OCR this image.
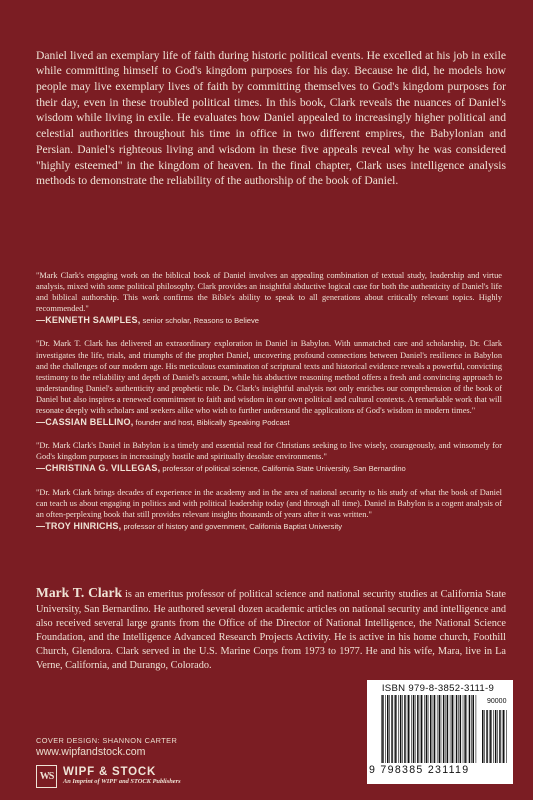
Daniel lived an exemplary life of faith during historic political events. He excelled at his job in exile while committing himself to God's kingdom purposes for his day. Because he did, he models how people may live exemplary lives of faith by committing themselves to God's kingdom purposes for their day, even in these troubled political times. In this book, Clark reveals the nuances of Daniel's wisdom while living in exile. He evaluates how Daniel appealed to increasingly higher political and celestial authorities throughout his time in office in two different empires, the Babylonian and Persian. Daniel's righteous living and wisdom in these five appeals reveal why he was considered "highly esteemed" in the kingdom of heaven. In the final chapter, Clark uses intelligence analysis methods to demonstrate the reliability of the authorship of the book of Daniel.

"Mark Clark's engaging work on the biblical book of Daniel involves an appealing combination of textual study, leadership and virtue analysis, mixed with some political philosophy. Clark provides an insightful abductive logical case for both the authenticity of Daniel's life and biblical authorship. This work confirms the Bible's ability to speak to all generations about critically relevant topics. Highly recommended."
—KENNETH SAMPLES, senior scholar, Reasons to Believe
"Dr. Mark T. Clark has delivered an extraordinary exploration in Daniel in Babylon. With unmatched care and scholarship, Dr. Clark investigates the life, trials, and triumphs of the prophet Daniel, uncovering profound connections between Daniel's resilience in Babylon and the challenges of our modern age. His meticulous examination of scriptural texts and historical evidence reveals a powerful, convicting testimony to the reliability and depth of Daniel's account, while his abductive reasoning method offers a fresh and convincing approach to understanding Daniel's authenticity and prophetic role. Dr. Clark's insightful analysis not only enriches our comprehension of the book of Daniel but also inspires a renewed commitment to faith and wisdom in our own political and cultural contexts. A remarkable work that will resonate deeply with scholars and seekers alike who wish to further understand the applications of God's wisdom in modern times."
—CASSIAN BELLINO, founder and host, Biblically Speaking Podcast
"Dr. Mark Clark's Daniel in Babylon is a timely and essential read for Christians seeking to live wisely, courageously, and winsomely for God's kingdom purposes in increasingly hostile and spiritually desolate environments."
—CHRISTINA G. VILLEGAS, professor of political science, California State University, San Bernardino
"Dr. Mark Clark brings decades of experience in the academy and in the area of national security to his study of what the book of Daniel can teach us about engaging in politics and with political leadership today (and through all time). Daniel in Babylon is a cogent analysis of an often-perplexing book that still provides relevant insights thousands of years after it was written."
—TROY HINRICHS, professor of history and government, California Baptist University

Mark T. Clark is an emeritus professor of political science and national security studies at California State University, San Bernardino. He authored several dozen academic articles on national security and intelligence and also received several large grants from the Office of the Director of National Intelligence, the National Science Foundation, and the Intelligence Advanced Research Projects Activity. He is active in his home church, Foothill Church, Glendora. Clark served in the U.S. Marine Corps from 1973 to 1977. He and his wife, Mara, live in La Verne, California, and Durango, Colorado.

COVER DESIGN: SHANNON CARTER
www.wipfandstock.com
WS WIPF & STOCK
An Imprint of WIPF and STOCK Publishers
ISBN 979-8-3852-3111-9
90000
9 798385 231119
